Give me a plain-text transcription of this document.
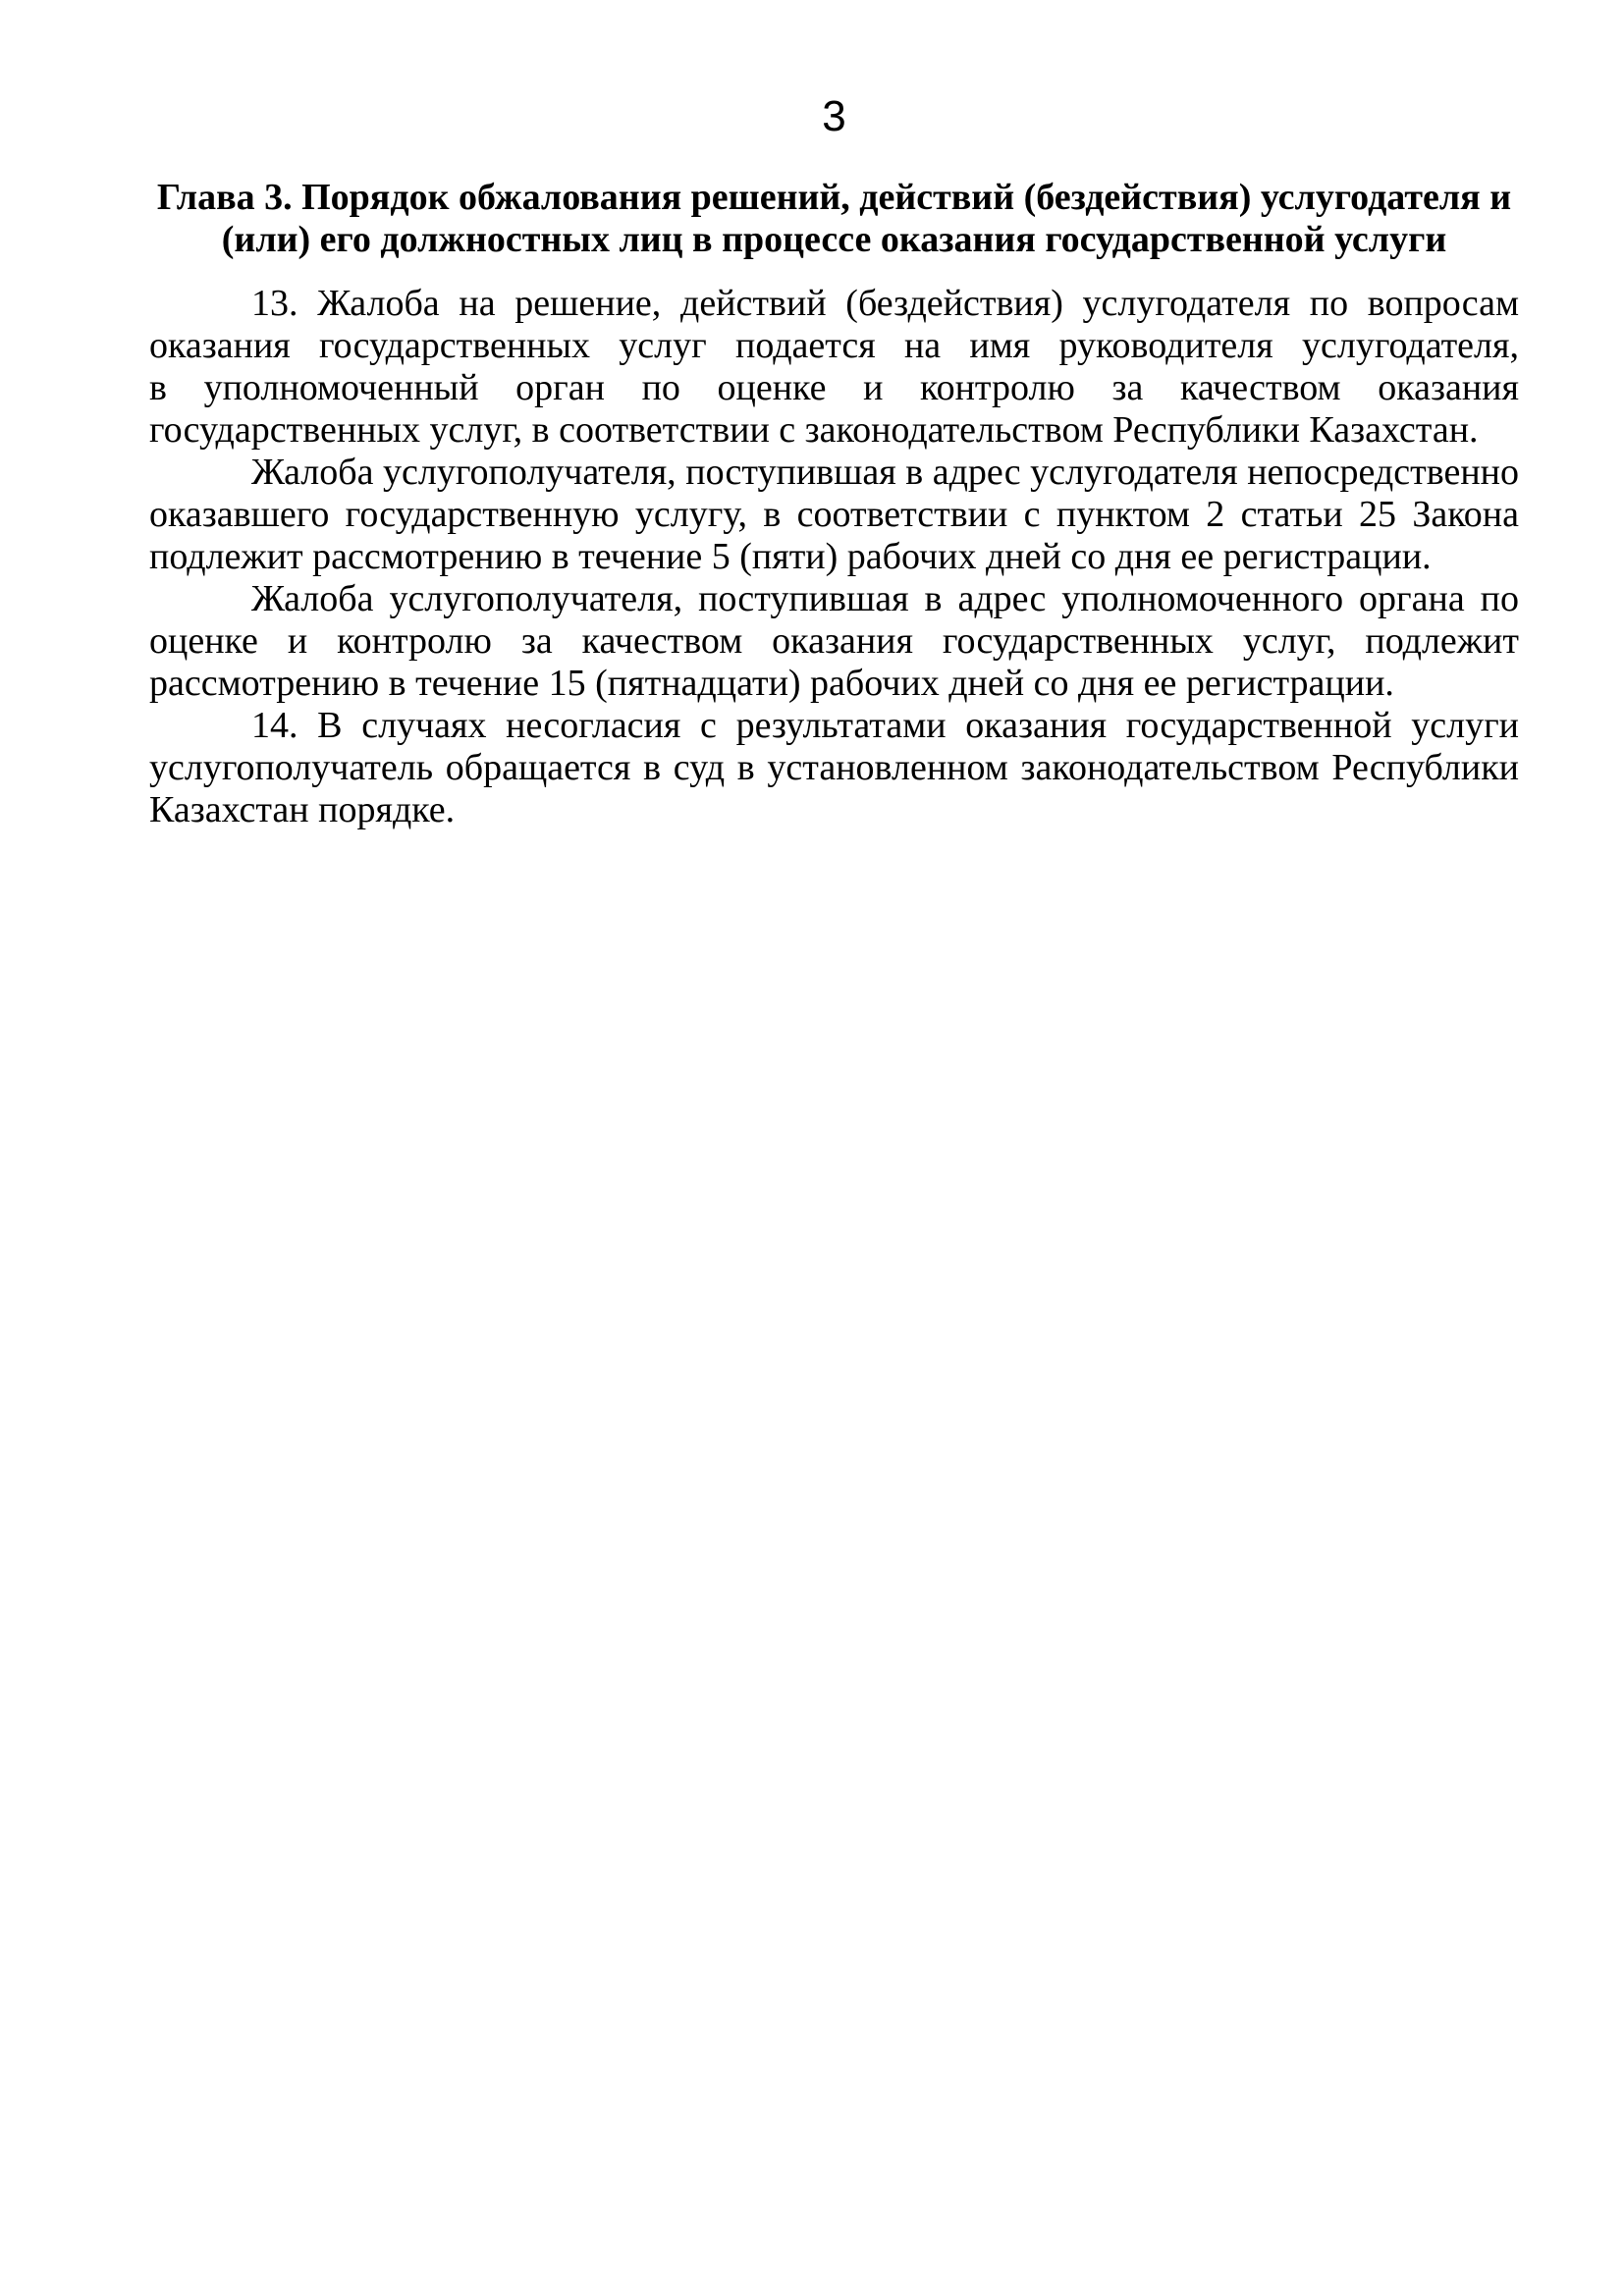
3
Глава 3. Порядок обжалования решений, действий (бездействия) услугодателя и
(или) его должностных лиц в процессе оказания государственной услуги
13. Жалоба на решение, действий (бездействия) услугодателя по вопросам
оказания государственных услуг подается на имя руководителя услугодателя,
в уполномоченный орган по оценке и контролю за качеством оказания
государственных услуг, в соответствии с законодательством Республики Казахстан.
Жалоба услугополучателя, поступившая в адрес услугодателя непосредственно
оказавшего государственную услугу, в соответствии с пунктом 2 статьи 25 Закона
подлежит рассмотрению в течение 5 (пяти) рабочих дней со дня ее регистрации.
Жалоба услугополучателя, поступившая в адрес уполномоченного органа по
оценке и контролю за качеством оказания государственных услуг, подлежит
рассмотрению в течение 15 (пятнадцати) рабочих дней со дня ее регистрации.
14. В случаях несогласия с результатами оказания государственной услуги
услугополучатель обращается в суд в установленном законодательством Республики
Казахстан порядке.
